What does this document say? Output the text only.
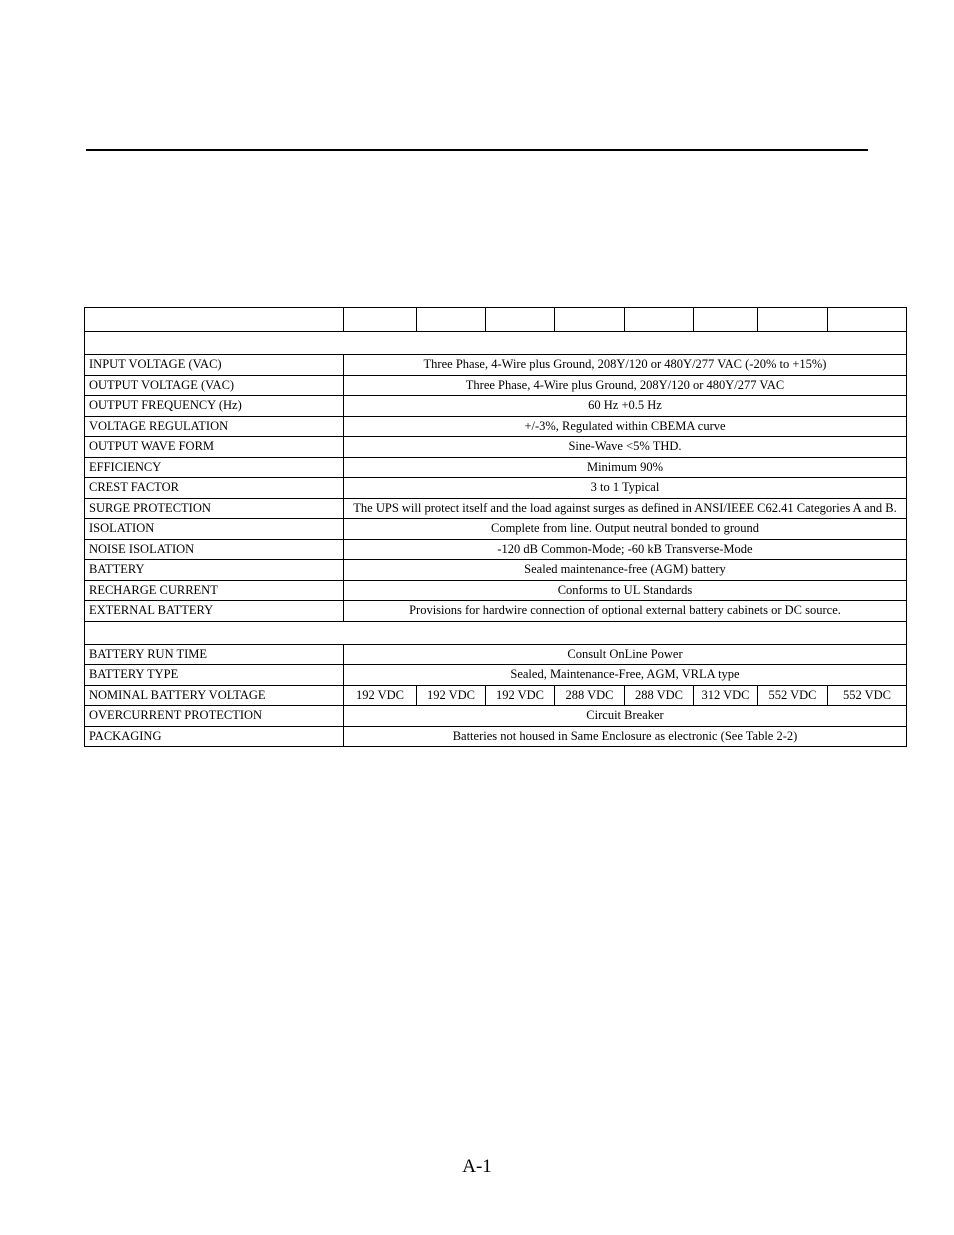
INPUT VOLTAGE (VAC)	Three Phase, 4-Wire plus Ground, 208Y/120 or 480Y/277 VAC (-20% to +15%)							
OUTPUT VOLTAGE (VAC)	Three Phase, 4-Wire plus Ground, 208Y/120 or 480Y/277 VAC							
OUTPUT FREQUENCY (Hz)	60 Hz +0.5 Hz							
VOLTAGE REGULATION	+/-3%, Regulated within CBEMA curve							
OUTPUT WAVE FORM	Sine-Wave <5% THD.							
EFFICIENCY	Minimum 90%							
CREST FACTOR	3 to 1 Typical							
SURGE PROTECTION	The UPS will protect itself and the load against surges as defined in ANSI/IEEE C62.41 Categories A and B.							
ISOLATION	Complete from line. Output neutral bonded to ground							
NOISE ISOLATION	-120 dB Common-Mode; -60 kB Transverse-Mode							
BATTERY	Sealed maintenance-free (AGM) battery							
RECHARGE CURRENT	Conforms to UL Standards							
EXTERNAL BATTERY	Provisions for hardwire connection of optional external battery cabinets or DC source.							

BATTERY RUN TIME	Consult OnLine Power							
BATTERY TYPE	Sealed, Maintenance-Free, AGM, VRLA type							
NOMINAL BATTERY VOLTAGE	192 VDC	192 VDC	192 VDC	288 VDC	288 VDC	312 VDC	552 VDC	552 VDC
OVERCURRENT PROTECTION	Circuit Breaker							
PACKAGING	Batteries not housed in Same Enclosure as electronic (See Table 2-2)							
A-1
